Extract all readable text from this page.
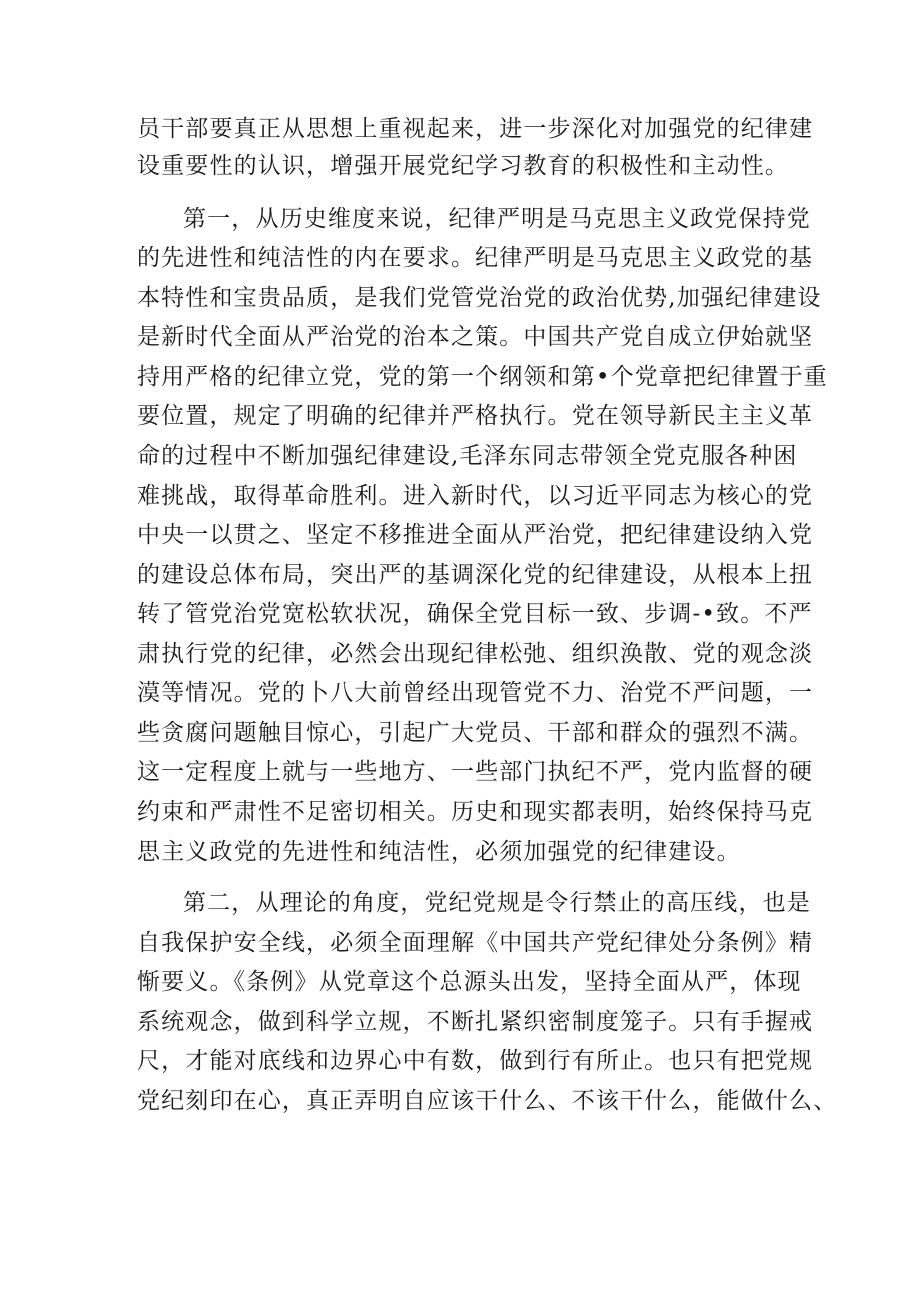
员干部要真正从思想上重视起来，进一步深化对加强党的纪律建
设重要性的认识，增强开展党纪学习教育的积极性和主动性。
第一，从历史维度来说，纪律严明是马克思主义政党保持党
的先进性和纯洁性的内在要求。纪律严明是马克思主义政党的基
本特性和宝贵品质，是我们党管党治党的政治优势,加强纪律建设
是新时代全面从严治党的治本之策。中国共产党自成立伊始就坚
持用严格的纪律立党，党的第一个纲领和第•个党章把纪律置于重
要位置，规定了明确的纪律并严格执行。党在领导新民主主义革
命的过程中不断加强纪律建设,毛泽东同志带领全党克服各种困
难挑战，取得革命胜利。进入新时代，以习近平同志为核心的党
中央一以贯之、坚定不移推进全面从严治党，把纪律建设纳入党
的建设总体布局，突出严的基调深化党的纪律建设，从根本上扭
转了管党治党宽松软状况，确保全党目标一致、步调-•致。不严
肃执行党的纪律，必然会出现纪律松弛、组织涣散、党的观念淡
漠等情况。党的卜八大前曾经出现管党不力、治党不严问题，一
些贪腐问题触目惊心，引起广大党员、干部和群众的强烈不满。
这一定程度上就与一些地方、一些部门执纪不严，党内监督的硬
约束和严肃性不足密切相关。历史和现实都表明，始终保持马克
思主义政党的先进性和纯洁性，必须加强党的纪律建设。
第二，从理论的角度，党纪党规是令行禁止的高压线，也是
自我保护安全线，必须全面理解《中国共产党纪律处分条例》精
惭要义。《条例》从党章这个总源头出发，坚持全面从严，体现
系统观念，做到科学立规，不断扎紧织密制度笼子。只有手握戒
尺，才能对底线和边界心中有数，做到行有所止。也只有把党规
党纪刻印在心，真正弄明自应该干什么、不该干什么，能做什么、
